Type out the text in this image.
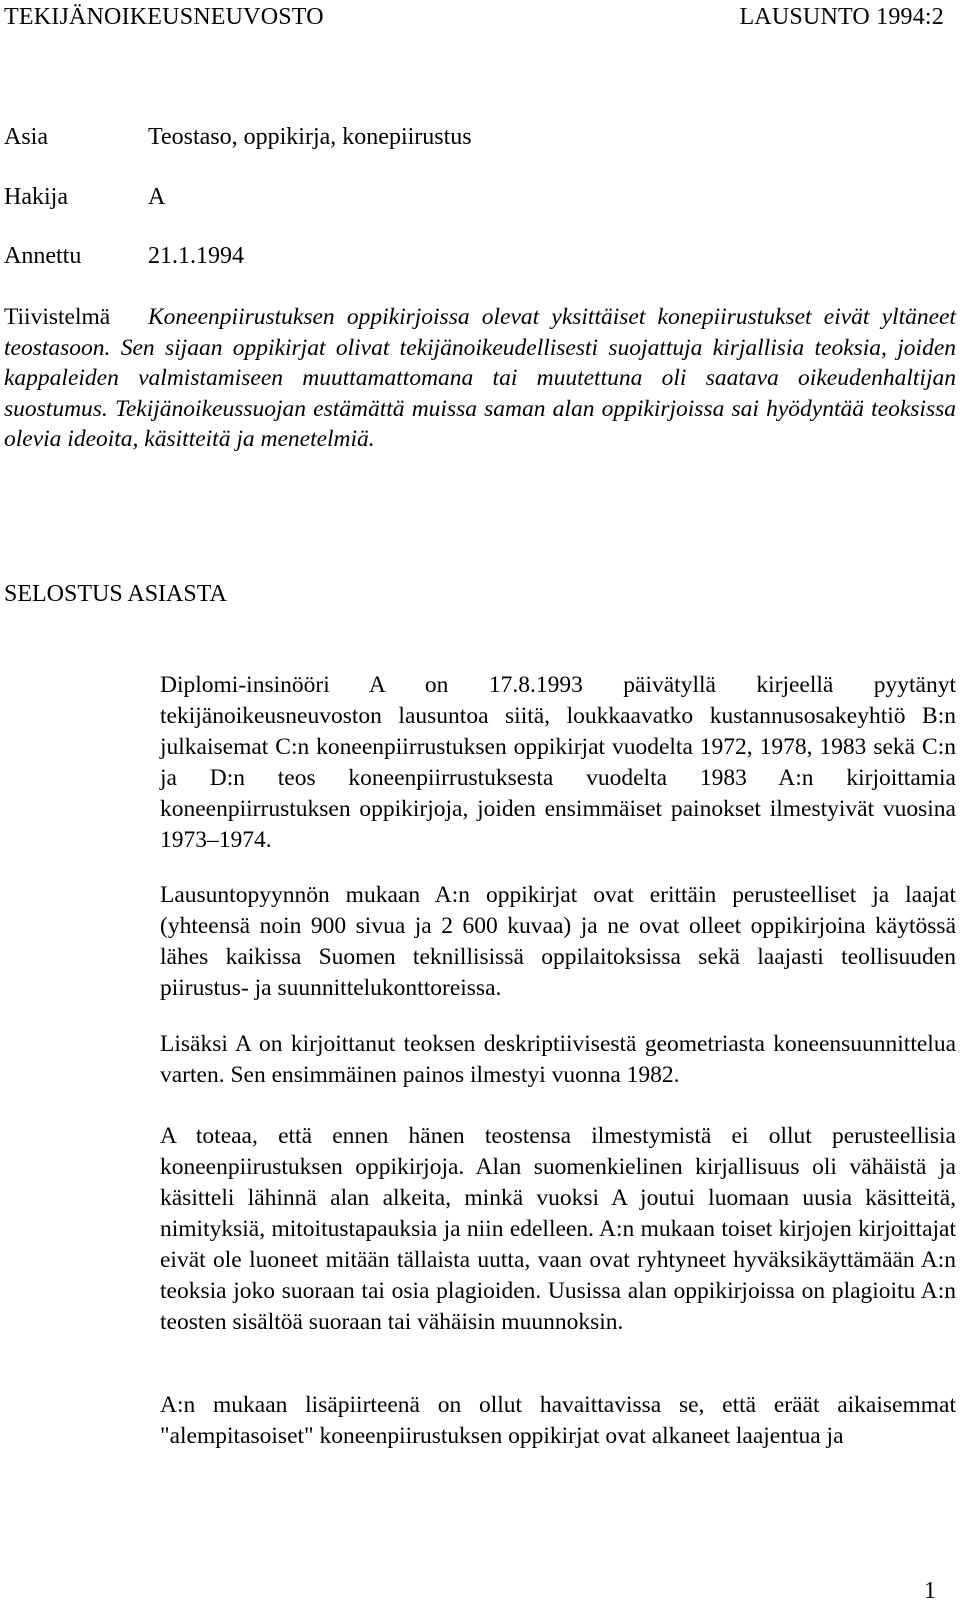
TEKIJÄNOIKEUSNEUVOSTO	LAUSUNTO 1994:2
Asia	Teostaso, oppikirja, konepiirustus
Hakija	A
Annettu	21.1.1994
Tiivistelmä	Koneenpiirustuksen oppikirjoissa olevat yksittäiset konepiirustukset eivät yltäneet teostasoon. Sen sijaan oppikirjat olivat tekijänoikeudellisesti suojattuja kirjallisia teoksia, joiden kappaleiden valmistamiseen muuttamattomana tai muutettuna oli saatava oikeudenhaltijan suostumus. Tekijänoikeussuojan estämättä muissa saman alan oppikirjoissa sai hyödyntää teoksissa olevia ideoita, käsitteitä ja menetelmiä.
SELOSTUS ASIASTA
Diplomi-insinööri A on 17.8.1993 päivätyllä kirjeellä pyytänyt tekijänoikeusneuvoston lausuntoa siitä, loukkaavatko kustannusosakeyhtiö B:n julkaisemat C:n koneenpiirrustuksen oppikirjat vuodelta 1972, 1978, 1983 sekä C:n ja D:n teos koneenpiirrustuksesta vuodelta 1983 A:n kirjoittamia koneenpiirrustuksen oppikirjoja, joiden ensimmäiset painokset ilmestyivät vuosina 1973–1974.
Lausuntopyynnön mukaan A:n oppikirjat ovat erittäin perusteelliset ja laajat (yhteensä noin 900 sivua ja 2 600 kuvaa) ja ne ovat olleet oppikirjoina käytössä lähes kaikissa Suomen teknillisissä oppilaitoksissa sekä laajasti teollisuuden piirustus- ja suunnittelukonttoreissa.
Lisäksi A on kirjoittanut teoksen deskriptiivisestä geometriasta koneensuunnittelua varten. Sen ensimmäinen painos ilmestyi vuonna 1982.
A toteaa, että ennen hänen teostensa ilmestymistä ei ollut perusteellisia koneenpiirustuksen oppikirjoja. Alan suomenkielinen kirjallisuus oli vähäistä ja käsitteli lähinnä alan alkeita, minkä vuoksi A joutui luomaan uusia käsitteitä, nimityksiä, mitoitustapauksia ja niin edelleen. A:n mukaan toiset kirjojen kirjoittajat eivät ole luoneet mitään tällaista uutta, vaan ovat ryhtyneet hyväksikäyttämään A:n teoksia joko suoraan tai osia plagioiden. Uusissa alan oppikirjoissa on plagioitu A:n teosten sisältöä suoraan tai vähäisin muunnoksin.
A:n mukaan lisäpiirteenä on ollut havaittavissa se, että eräät aikaisemmat "alempitasoiset" koneenpiirustuksen oppikirjat ovat alkaneet laajentua ja
1
